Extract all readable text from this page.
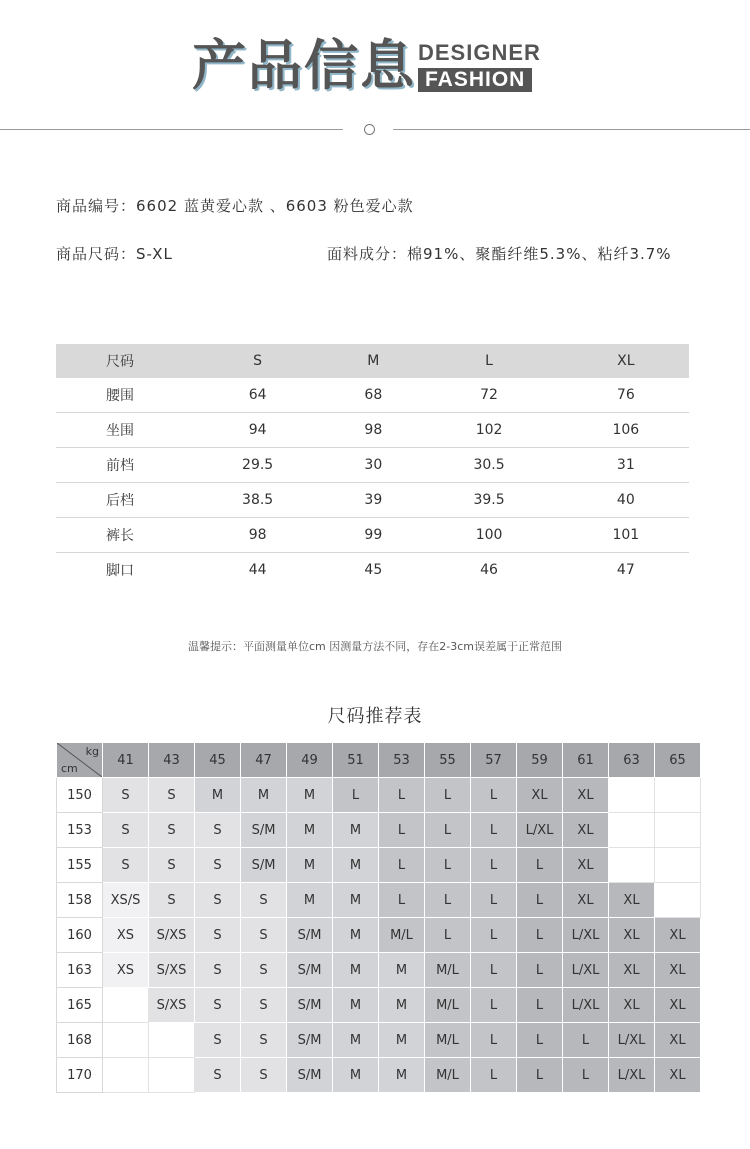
产品信息 DESIGNER
FASHION
商品编号：6602 蓝黄爱心款 、6603 粉色爱心款
商品尺码：S-XL	面料成分：棉91%、聚酯纤维5.3%、粘纤3.7%
尺码	S	M	L	XL
腰围	64	68	72	76
坐围	94	98	102	106
前档	29.5	30	30.5	31
后档	38.5	39	39.5	40
裤长	98	99	100	101
脚口	44	45	46	47
温馨提示：平面测量单位cm 因测量方法不同，存在2-3cm误差属于正常范围
尺码推荐表
kg
cm	41	43	45	47	49	51	53	55	57	59	61	63	65
150	S	S	M	M	M	L	L	L	L	XL	XL		
153	S	S	S	S/M	M	M	L	L	L	L/XL	XL		
155	S	S	S	S/M	M	M	L	L	L	L	XL		
158	XS/S	S	S	S	M	M	L	L	L	L	XL	XL	
160	XS	S/XS	S	S	S/M	M	M/L	L	L	L	L/XL	XL	XL
163	XS	S/XS	S	S	S/M	M	M	M/L	L	L	L/XL	XL	XL
165		S/XS	S	S	S/M	M	M	M/L	L	L	L/XL	XL	XL
168			S	S	S/M	M	M	M/L	L	L	L	L/XL	XL
170			S	S	S/M	M	M	M/L	L	L	L	L/XL	XL
